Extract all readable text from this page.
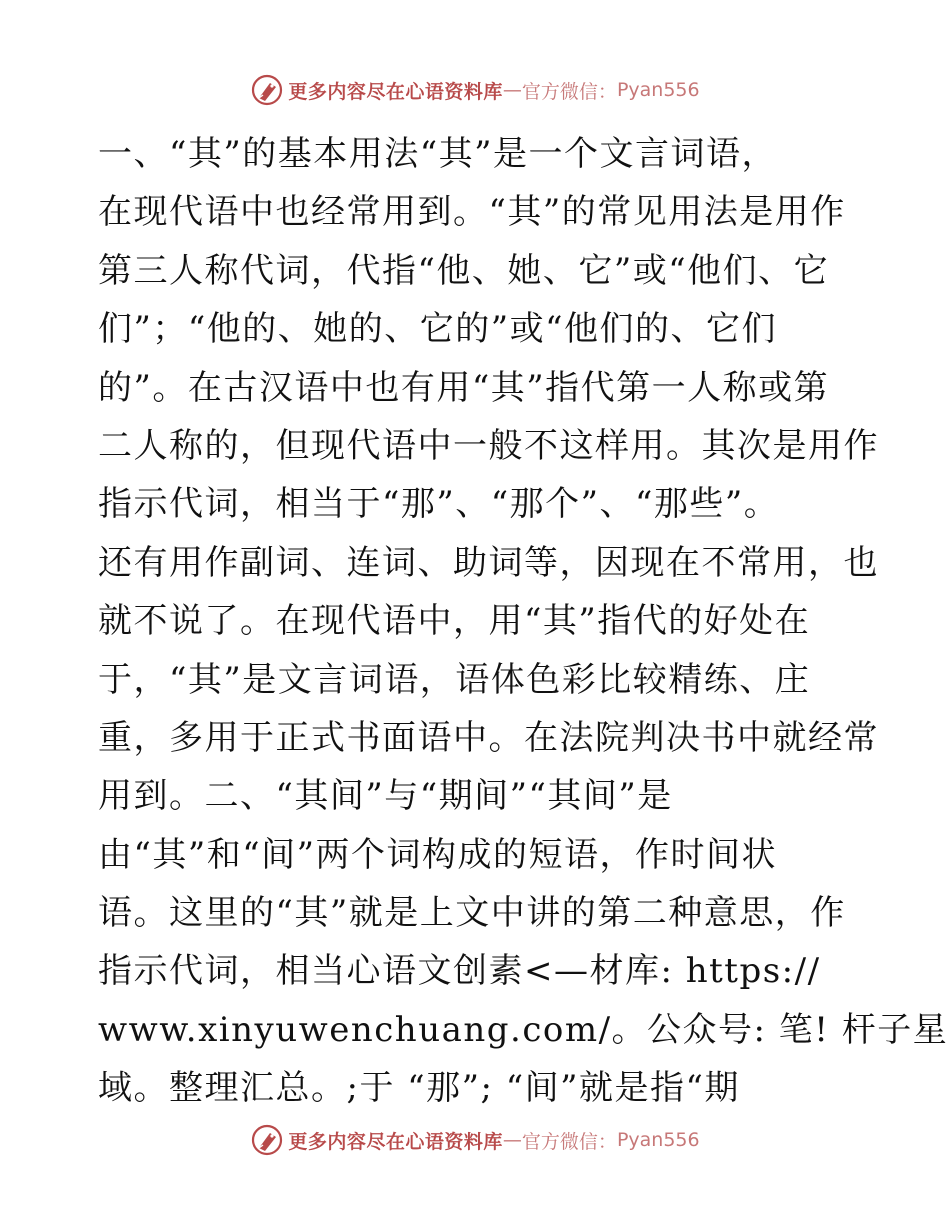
更多内容尽在心语资料库 — 官方微信： Pyan556
一、“其”的基本用法“其”是一个文言词语，
在现代语中也经常用到。“其”的常见用法是用作
第三人称代词，代指“他、她、它”或“他们、它
们”；“他的、她的、它的”或“他们的、它们
的”。在古汉语中也有用“其”指代第一人称或第
二人称的，但现代语中一般不这样用。其次是用作
指示代词，相当于“那”、“那个”、“那些”。
还有用作副词、连词、助词等，因现在不常用，也
就不说了。在现代语中，用“其”指代的好处在
于，“其”是文言词语，语体色彩比较精练、庄
重，多用于正式书面语中。在法院判决书中就经常
用到。二、“其间”与“期间”“其间”是
由“其”和“间”两个词构成的短语，作时间状
语。这里的“其”就是上文中讲的第二种意思，作
指示代词，相当心语文创素<—材库: https://
www.xinyuwenchuang.com/。公众号: 笔! 杆子星
域。整理汇总。;于 “那”; “间”就是指“期
更多内容尽在心语资料库 — 官方微信： Pyan556
